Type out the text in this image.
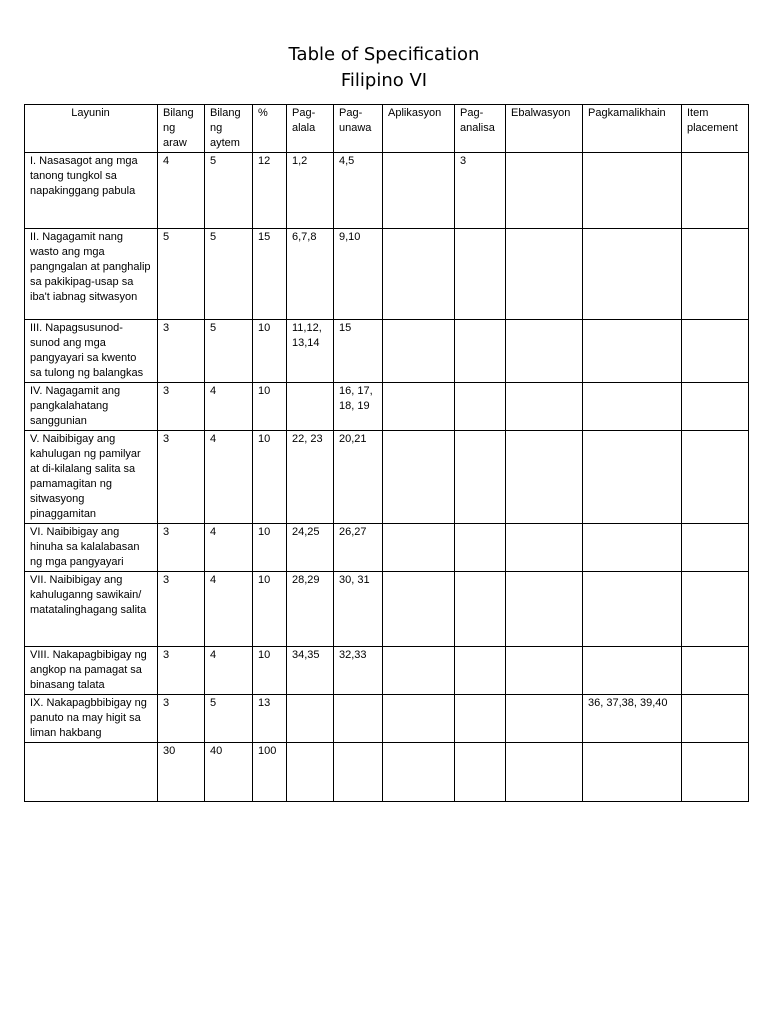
Table of Specification
Filipino VI
Layunin	Bilang ng araw	Bilang ng aytem	%	Pag-alala	Pag-unawa	Aplikasyon	Pag-analisa	Ebalwasyon	Pagkamalikhain	Item placement
I. Nasasagot ang mga tanong tungkol sa napakinggang pabula	4	5	12	1,2	4,5		3			
II. Nagagamit nang wasto ang mga pangngalan at panghalip sa pakikipag-usap sa iba't iabnag sitwasyon	5	5	15	6,7,8	9,10					
III. Napagsusunod-sunod ang mga pangyayari sa kwento sa tulong ng balangkas	3	5	10	11,12, 13,14	15					
IV. Nagagamit ang pangkalahatang sanggunian	3	4	10		16, 17, 18, 19					
V. Naibibigay ang kahulugan ng pamilyar at di-kilalang salita sa pamamagitan ng sitwasyong pinaggamitan	3	4	10	22, 23	20,21					
VI. Naibibigay ang hinuha sa kalalabasan ng mga pangyayari	3	4	10	24,25	26,27					
VII. Naibibigay ang kahuluganng sawikain/ matatalinghagang salita	3	4	10	28,29	30, 31					
VIII. Nakapagbibigay ng angkop na pamagat sa binasang talata	3	4	10	34,35	32,33					
IX. Nakapagbbibigay ng panuto na may higit sa liman hakbang	3	5	13						36, 37,38, 39,40	
	30	40	100							
